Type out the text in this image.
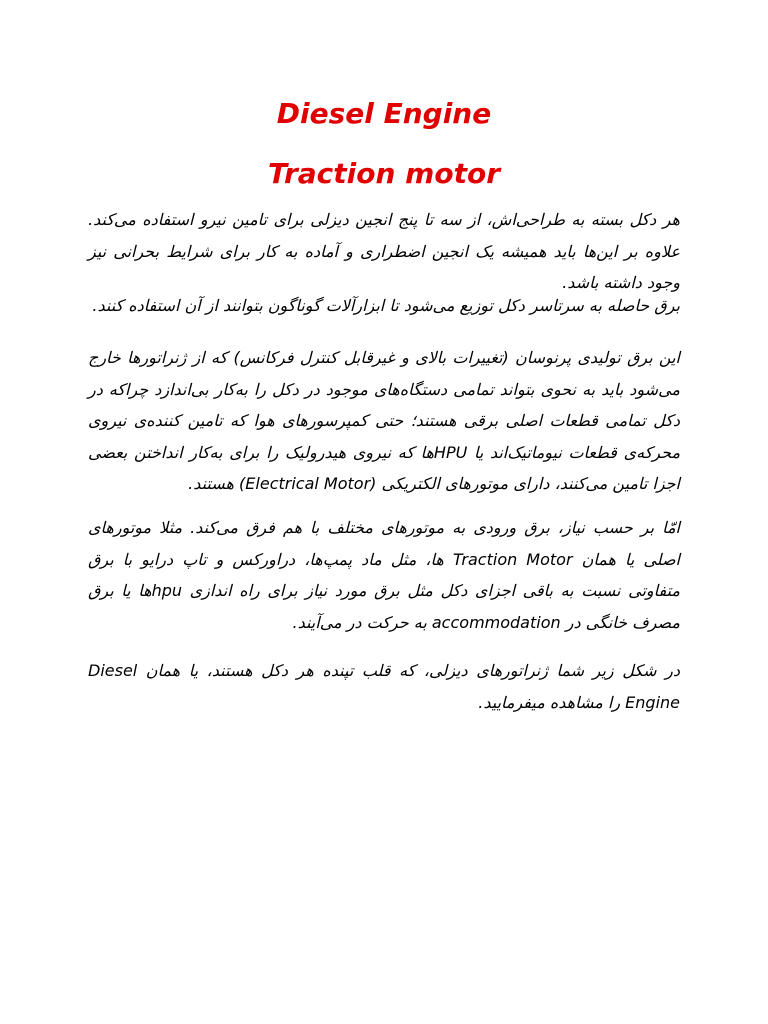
Diesel Engine
Traction motor

هر دکل بسته به طراحی‌اش، از سه تا پنج انجین دیزلی برای تامین نیرو استفاده می‌کند. علاوه بر این‌ها باید همیشه یک انجین اضطراری و آماده به کار برای شرایط بحرانی نیز وجود داشته باشد.

برق حاصله به سرتاسر دکل توزیع می‌شود تا ابزارآلات گوناگون بتوانند از آن استفاده کنند.

این برق تولیدی پرنوسان (تغییرات بالای و غیرقابل کنترل فرکانس) که از ژنراتورها خارج می‌شود باید به نحوی بتواند تمامی دستگاه‌های موجود در دکل را به‌کار بی‌اندازد چراکه در دکل تمامی قطعات اصلی برقی هستند؛ حتی کمپرسورهای هوا که تامین کننده‌ی نیروی محرکه‌ی قطعات نیوماتیک‌اند یا HPUها که نیروی هیدرولیک را برای به‌کار انداختن بعضی اجزا تامین می‌کنند، دارای موتورهای الکتریکی (Electrical Motor) هستند.

امّا بر حسب نیاز، برق ورودی به موتورهای مختلف با هم فرق می‌کند. مثلا موتورهای اصلی یا همان Traction Motor ها، مثل ماد پمپ‌ها، دراورکس و تاپ درایو با برق متفاوتی نسبت به باقی اجزای دکل مثل برق مورد نیاز برای راه اندازی hpuها یا برق مصرف خانگی در accommodation به حرکت در می‌آیند.

در شکل زیر شما ژنراتورهای دیزلی، که قلب تپنده هر دکل هستند، یا همان Diesel Engine را مشاهده میفرمایید.
